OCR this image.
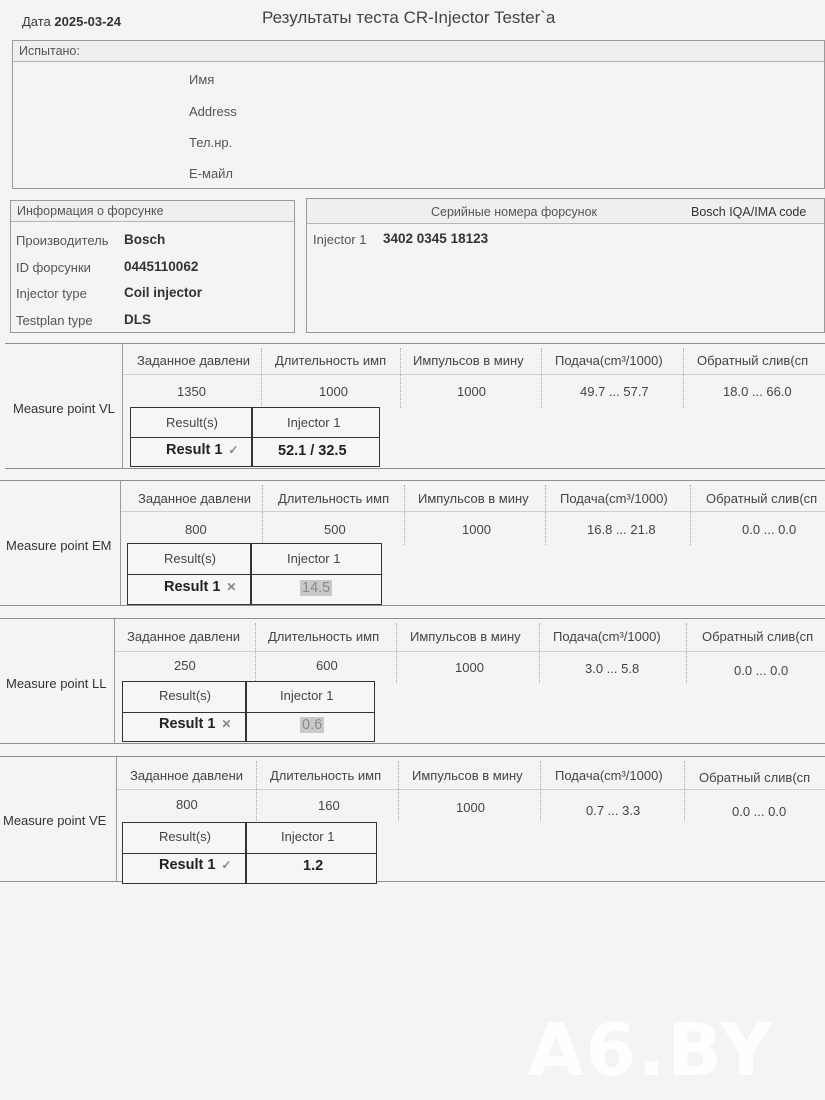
Дата 2025-03-24	Результаты теста CR-Injector Tester`a
Испытано:
Имя
Address
Тел.нр.
E-майл
Информация о форсунке
Производитель Bosch
ID форсунки 0445110062
Injector type	Coil injector
Testplan type DLS
Серийные номера форсунок	Bosch IQA/IMA code
Injector 1 3402 0345 18123
Measure point VL
Заданное давлени	Длительность имп	Импульсов в мину	Подача(cm³/1000)	Обратный слив(cп
1350	1000	1000	49.7 ... 57.7	18.0 ... 66.0
Result(s)	Injector 1
Result 1 ✓	52.1 / 32.5
Measure point EM
Заданное давлени	Длительность имп	Импульсов в мину	Подача(cm³/1000)	Обратный слив(cп
800	500	1000	16.8 ... 21.8	0.0 ... 0.0
Result(s)	Injector 1
Result 1 ✕	14.5
Measure point LL
Заданное давлени	Длительность имп	Импульсов в мину	Подача(cm³/1000)	Обратный слив(cп
250	600	1000	3.0 ... 5.8	0.0 ... 0.0
Result(s)	Injector 1
Result 1 ✕	0.6
Measure point VE
Заданное давлени	Длительность имп	Импульсов в мину	Подача(cm³/1000)	Обратный слив(cп
800	160	1000	0.7 ... 3.3	0.0 ... 0.0
Result(s)	Injector 1
Result 1 ✓	1.2
A6.BY
